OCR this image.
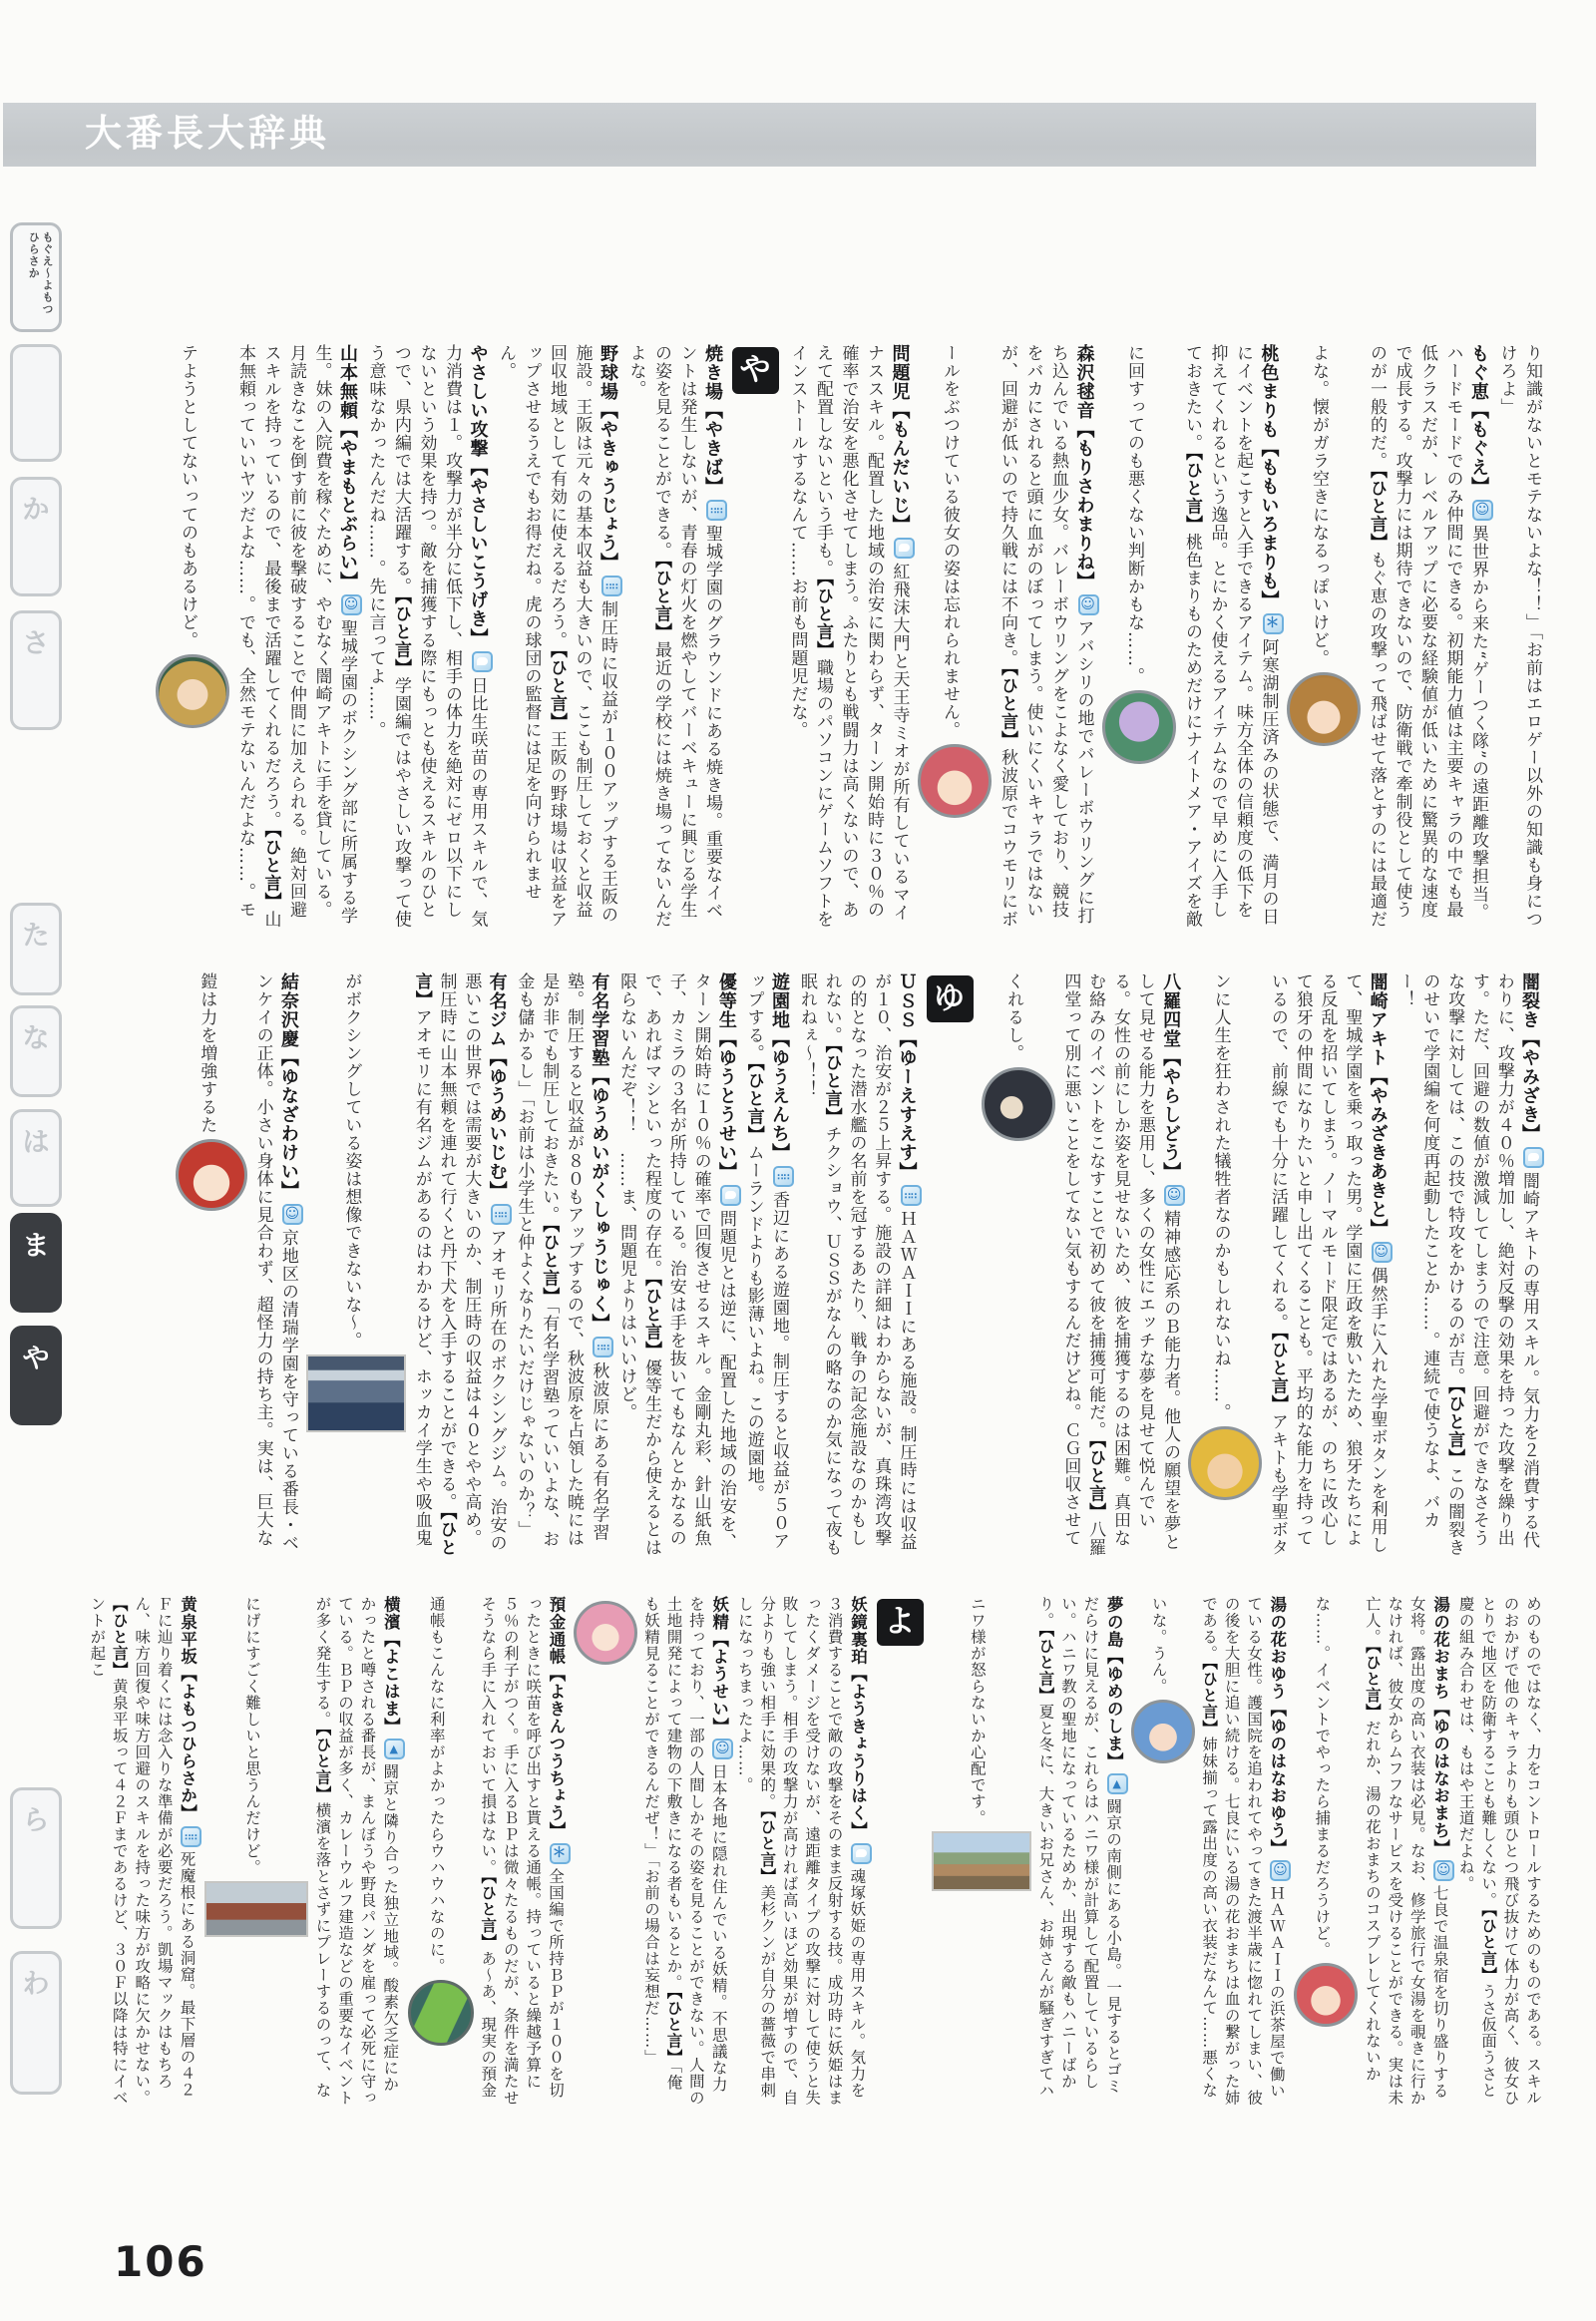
大番長大辞典
もぐえ〜よもつひらさか
か
さ
た
な
は
ま
や
ら
わ
り知識がないとモテないよな！！」「お前はエロゲー以外の知識も身につけろよ」
もぐ恵【もぐえ】☺異世界から来た“ゲーつく隊”の遠距離攻撃担当。ハードモードでのみ仲間にできる。初期能力値は主要キャラの中でも最低クラスだが、レベルアップに必要な経験値が低いために驚異的な速度で成長する。攻撃力には期待できないので、防衛戦で牽制役として使うのが一般的だ。【ひと言】もぐ恵の攻撃って飛ばせて落とすのには最適だよな。懐がガラ空きになるっぽいけど。
桃色まりも【ももいろまりも】＊阿寒湖制圧済みの状態で、満月の日にイベントを起こすと入手できるアイテム。味方全体の信頼度の低下を抑えてくれるという逸品。とにかく使えるアイテムなので早めに入手しておきたい。【ひと言】桃色まりものためだけにナイトメア・アイズを敵に回すってのも悪くない判断かもな……。
森沢毬音【もりさわまりね】☺アバシリの地でバレーボウリングに打ち込んでいる熱血少女。バレーボウリングをこよなく愛しており、競技をバカにされると頭に血がのぼってしまう。使いにくいキャラではないが、回避が低いので持久戦には不向き。【ひと言】秋波原でコウモリにボールをぶつけている彼女の姿は忘れられません。
問題児【もんだいじ】紅飛沫大門と天王寺ミオが所有しているマイナススキル。配置した地域の治安に関わらず、ターン開始時に３０％の確率で治安を悪化させてしまう。ふたりとも戦闘力は高くないので、あえて配置しないという手も。【ひと言】職場のパソコンにゲームソフトをインストールするなんて……お前も問題児だな。
や
焼き場【やきば】∷∷聖城学園のグラウンドにある焼き場。重要なイベントは発生しないが、青春の灯火を燃やしてバーベキューに興じる学生の姿を見ることができる。【ひと言】最近の学校には焼き場ってないんだよな。
野球場【やきゅうじょう】∷∷制圧時に収益が１００アップする王阪の施設。王阪は元々の基本収益も大きいので、ここも制圧しておくと収益回収地域として有効に使えるだろう。【ひと言】王阪の野球場は収益をアップさせるうえでもお得だね。虎の球団の監督には足を向けられません。
やさしい攻撃【やさしいこうげき】日比生咲苗の専用スキルで、気力消費は１。攻撃力が半分に低下し、相手の体力を絶対にゼロ以下にしないという効果を持つ。敵を捕獲する際にもっとも使えるスキルのひとつで、県内編では大活躍する。【ひと言】学園編ではやさしい攻撃って使う意味なかったんだね……。先に言ってよ……。
山本無頼【やまもとぶらい】☺聖城学園のボクシング部に所属する学生。妹の入院費を稼ぐために、やむなく闇崎アキトに手を貸している。月読きなこを倒す前に彼を撃破することで仲間に加えられる。絶対回避スキルを持っているので、最後まで活躍してくれるだろう。【ひと言】山本無頼っていいヤツだよな……。でも、全然モテないんだよな……。モテようとしてないってのもあるけど。
闇裂き【やみざき】闇崎アキトの専用スキル。気力を２消費する代わりに、攻撃力が４０％増加し、絶対反撃の効果を持った攻撃を繰り出す。ただ、回避の数値が激減してしまうので注意。回避ができなさそうな攻撃に対しては、この技で特攻をかけるのが吉。【ひと言】この闇裂きのせいで学園編を何度再起動したことか……。連続で使うなよ、バカー！
闇崎アキト【やみざきあきと】☺偶然手に入れた学聖ボタンを利用して、聖城学園を乗っ取った男。学園に圧政を敷いたため、狼牙たちによる反乱を招いてしまう。ノーマルモード限定ではあるが、のちに改心して狼牙の仲間になりたいと申し出てくることも。平均的な能力を持っているので、前線でも十分に活躍してくれる。【ひと言】アキトも学聖ボタンに人生を狂わされた犠牲者なのかもしれないね……。
八羅四堂【やらしどう】☺精神感応系のＢ能力者。他人の願望を夢として見せる能力を悪用し、多くの女性にエッチな夢を見せて悦んでいる。女性の前にしか姿を見せないため、彼を捕獲するのは困難。真田なむ絡みのイベントをこなすことで初めて彼を捕獲可能だ。【ひと言】八羅四堂って別に悪いことをしてない気もするんだけどね。ＣＧ回収させてくれるし。
ゆ
ＵＳＳ【ゆーえすえす】∷∷ＨＡＷＡＩＩにある施設。制圧時には収益が１０、治安が２５上昇する。施設の詳細はわからないが、真珠湾攻撃の的となった潜水艦の名前を冠するあたり、戦争の記念施設なのかもしれない。【ひと言】チクショウ、ＵＳＳがなんの略なのか気になって夜も眠れねぇ〜！！
遊園地【ゆうえんち】∷∷香辺にある遊園地。制圧すると収益が５０アップする。【ひと言】ムーランドよりも影薄いよね。この遊園地。
優等生【ゆうとうせい】問題児とは逆に、配置した地域の治安を、ターン開始時に１０％の確率で回復させるスキル。金剛丸彩、針山紙魚子、カミラの３名が所持している。治安は手を抜いてもなんとかなるので、あればマシといった程度の存在。【ひと言】優等生だから使えるとは限らないんだぞ！！　……ま、問題児よりはいいけど。
有名学習塾【ゆうめいがくしゅうじゅく】∷∷秋波原にある有名学習塾。制圧すると収益が８０もアップするので、秋波原を占領した暁には是が非でも制圧しておきたい。【ひと言】「有名学習塾っていいよな、お金も儲かるし」「お前は小学生と仲よくなりたいだけじゃないのか？」
有名ジム【ゆうめいじむ】∷∷アオモリ所在のボクシングジム。治安の悪いこの世界では需要が大きいのか、制圧時の収益は４０とやや高め。制圧時に山本無頼を連れて行くと丹下犬を入手することができる。【ひと言】アオモリに有名ジムがあるのはわかるけど、ホッカイ学生や吸血鬼がボクシングしている姿は想像できないな〜。
結奈沢慶【ゆなざわけい】☺京地区の清瑞学園を守っている番長・ベンケイの正体。小さい身体に見合わず、超怪力の持ち主。実は、巨大な鎧は力を増強するた
めのものではなく、力をコントロールするためのものである。スキルのおかげで他のキャラよりも頭ひとつ飛び抜けて体力が高く、彼女ひとりで地区を防衛することも難しくない。【ひと言】うさ仮面うさと慶の組み合わせは、もはや王道だよね。
湯の花おまち【ゆのはなおまち】☺七良で温泉宿を切り盛りする女将。露出度の高い衣装は必見。なお、修学旅行で女湯を覗きに行かなければ、彼女からムフフなサービスを受けることができる。実は未亡人。【ひと言】だれか、湯の花おまちのコスプレしてくれないかな……。イベントでやったら捕まるだろうけど。
湯の花おゆう【ゆのはなおゆう】☺ＨＡＷＡＩＩの浜茶屋で働いている女性。護国院を追われてやってきた渡半歳に惚れてしまい、彼の後を大胆に追い続ける。七良にいる湯の花おまちは血の繋がった姉である。【ひと言】姉妹揃って露出度の高い衣装だなんて……悪くないな。うん。
夢の島【ゆめのしま】▲闘京の南側にある小島。一見するとゴミだらけに見えるが、これらはハニワ様が計算して配置しているらしい。ハニワ教の聖地になっているためか、出現する敵もハニーばかり。【ひと言】夏と冬に、大きいお兄さん、お姉さんが騒ぎすぎてハニワ様が怒らないか心配です。
よ
妖鏡裏珀【ようきょうりはく】魂塚妖姫の専用スキル。気力を３消費することで敵の攻撃をそのまま反射する技。成功時に妖姫はまったくダメージを受けないが、遠距離タイプの攻撃に対して使うと失敗してしまう。相手の攻撃力が高ければ高いほど効果が増すので、自分よりも強い相手に効果的。【ひと言】美杉クンが自分の薔薇で串刺しになっちまったよ……。
妖精【ようせい】☺日本各地に隠れ住んでいる妖精。不思議な力を持っており、一部の人間しかその姿を見ることができない。人間の土地開発によって建物の下敷きになる者もいるとか。【ひと言】「俺も妖精見ることができるんだぜ！」「お前の場合は妄想だ……」
預金通帳【よきんつうちょう】＊全国編で所持ＢＰが１００を切ったときに咲苗を呼び出すと貰える通帳。持っていると繰越予算に５％の利子がつく。手に入るＢＰは微々たるものだが、条件を満たせそうなら手に入れておいて損はない。【ひと言】あ〜あ、現実の預金通帳もこんなに利率がよかったらウハウハなのに。
横濱【よこはま】▲闘京と隣り合った独立地域。酸素欠乏症にかかったと噂される番長が、まんぼうや野良パンダを雇って必死に守っている。ＢＰの収益が多く、カレーウルフ建造などの重要なイベントが多く発生する。【ひと言】横濱を落とさずにプレーするのって、なにげにすごく難しいと思うんだけど。
黄泉平坂【よもつひらさか】∷∷死魔根にある洞窟。最下層の４２Ｆに辿り着くには念入りな準備が必要だろう。凱場マックはもちろん、味方回復や味方回避のスキルを持った味方が攻略に欠かせない。【ひと言】黄泉平坂って４２Ｆまであるけど、３０Ｆ以降は特にイベントが起こ
106
